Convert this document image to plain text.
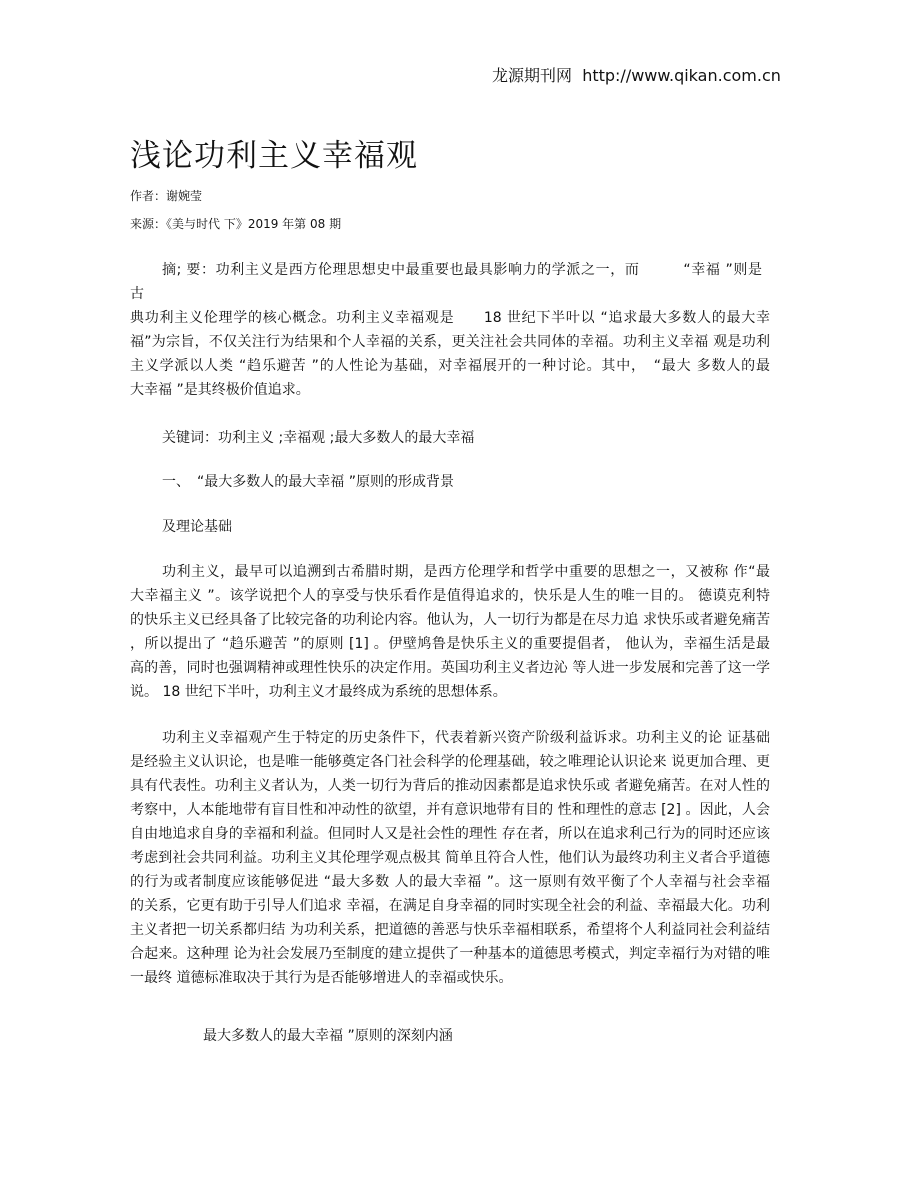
龙源期刊网 http://www.qikan.com.cn
浅论功利主义幸福观
作者：谢婉莹
来源：《美与时代 下》2019 年第 08 期
摘; 要：功利主义是西方伦理思想史中最重要也最具影响力的学派之一，而　　　“幸福 ”则是
古
典功利主义伦理学的核心概念。功利主义幸福观是　　18 世纪下半叶以 “追求最大多数人的最大幸
福”为宗旨，不仅关注行为结果和个人幸福的关系，更关注社会共同体的幸福。功利主义幸福 观是功利
主义学派以人类 “趋乐避苦 ”的人性论为基础，对幸福展开的一种讨论。其中，　“最大 多数人的最
大幸福 ”是其终极价值追求。
关键词：功利主义 ;幸福观 ;最大多数人的最大幸福
一、　“最大多数人的最大幸福 ”原则的形成背景
及理论基础
功利主义，最早可以追溯到古希腊时期，是西方伦理学和哲学中重要的思想之一，又被称 作“最
大幸福主义 ”。该学说把个人的享受与快乐看作是值得追求的，快乐是人生的唯一目的。 德谟克利特
的快乐主义已经具备了比较完备的功利论内容。他认为，人一切行为都是在尽力追 求快乐或者避免痛苦
，所以提出了 “趋乐避苦 ”的原则 [1] 。伊壁鸠鲁是快乐主义的重要提倡者， 他认为，幸福生活是最
高的善，同时也强调精神或理性快乐的决定作用。英国功利主义者边沁 等人进一步发展和完善了这一学
说。 18 世纪下半叶，功利主义才最终成为系统的思想体系。
功利主义幸福观产生于特定的历史条件下，代表着新兴资产阶级利益诉求。功利主义的论 证基础
是经验主义认识论，也是唯一能够奠定各门社会科学的伦理基础，较之唯理论认识论来 说更加合理、更
具有代表性。功利主义者认为，人类一切行为背后的推动因素都是追求快乐或 者避免痛苦。在对人性的
考察中，人本能地带有盲目性和冲动性的欲望，并有意识地带有目的 性和理性的意志 [2] 。因此，人会
自由地追求自身的幸福和利益。但同时人又是社会性的理性 存在者，所以在追求利己行为的同时还应该
考虑到社会共同利益。功利主义其伦理学观点极其 简单且符合人性，他们认为最终功利主义者合乎道德
的行为或者制度应该能够促进 “最大多数 人的最大幸福 ”。这一原则有效平衡了个人幸福与社会幸福
的关系，它更有助于引导人们追求 幸福，在满足自身幸福的同时实现全社会的利益、幸福最大化。功利
主义者把一切关系都归结 为功利关系，把道德的善恶与快乐幸福相联系，希望将个人利益同社会利益结
合起来。这种理 论为社会发展乃至制度的建立提供了一种基本的道德思考模式，判定幸福行为对错的唯
一最终 道德标准取决于其行为是否能够增进人的幸福或快乐。
最大多数人的最大幸福 ”原则的深刻内涵
